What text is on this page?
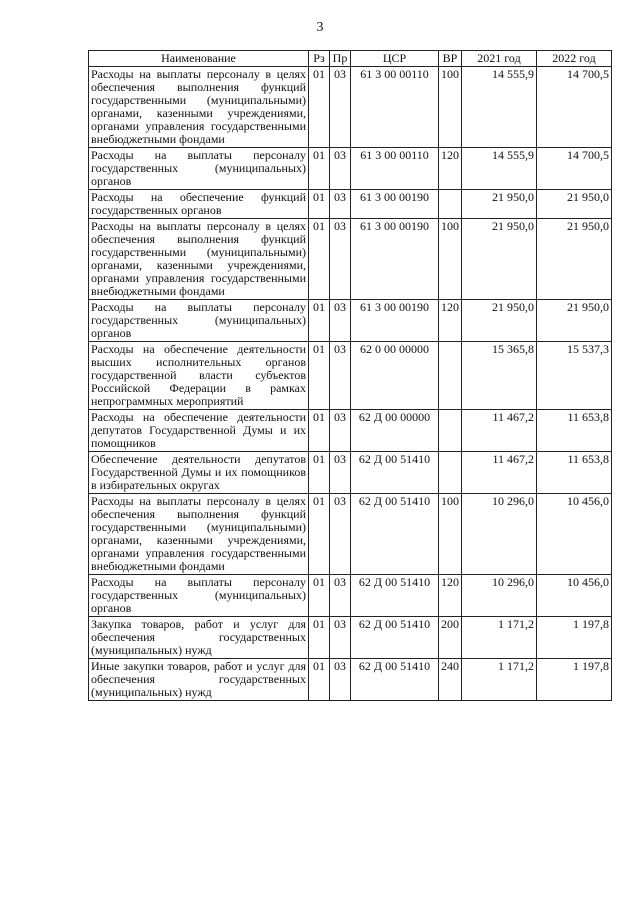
3
Наименование	Рз	Пр	ЦСР	ВР	2021 год	2022 год
Расходы на выплаты персоналу в целях обеспечения выполнения функций государственными (муниципальными) органами, казенными учреждениями, органами управления государственными внебюджетными фондами	01	03	61 3 00 00110	100	14 555,9	14 700,5
Расходы на выплаты персоналу государственных (муниципальных) органов	01	03	61 3 00 00110	120	14 555,9	14 700,5
Расходы на обеспечение функций государственных органов	01	03	61 3 00 00190		21 950,0	21 950,0
Расходы на выплаты персоналу в целях обеспечения выполнения функций государственными (муниципальными) органами, казенными учреждениями, органами управления государственными внебюджетными фондами	01	03	61 3 00 00190	100	21 950,0	21 950,0
Расходы на выплаты персоналу государственных (муниципальных) органов	01	03	61 3 00 00190	120	21 950,0	21 950,0
Расходы на обеспечение деятельности высших исполнительных органов государственной власти субъектов Российской Федерации в рамках непрограммных мероприятий	01	03	62 0 00 00000		15 365,8	15 537,3
Расходы на обеспечение деятельности депутатов Государственной Думы и их помощников	01	03	62 Д 00 00000		11 467,2	11 653,8
Обеспечение деятельности депутатов Государственной Думы и их помощников в избирательных округах	01	03	62 Д 00 51410		11 467,2	11 653,8
Расходы на выплаты персоналу в целях обеспечения выполнения функций государственными (муниципальными) органами, казенными учреждениями, органами управления государственными внебюджетными фондами	01	03	62 Д 00 51410	100	10 296,0	10 456,0
Расходы на выплаты персоналу государственных (муниципальных) органов	01	03	62 Д 00 51410	120	10 296,0	10 456,0
Закупка товаров, работ и услуг для обеспечения государственных (муниципальных) нужд	01	03	62 Д 00 51410	200	1 171,2	1 197,8
Иные закупки товаров, работ и услуг для обеспечения государственных (муниципальных) нужд	01	03	62 Д 00 51410	240	1 171,2	1 197,8
